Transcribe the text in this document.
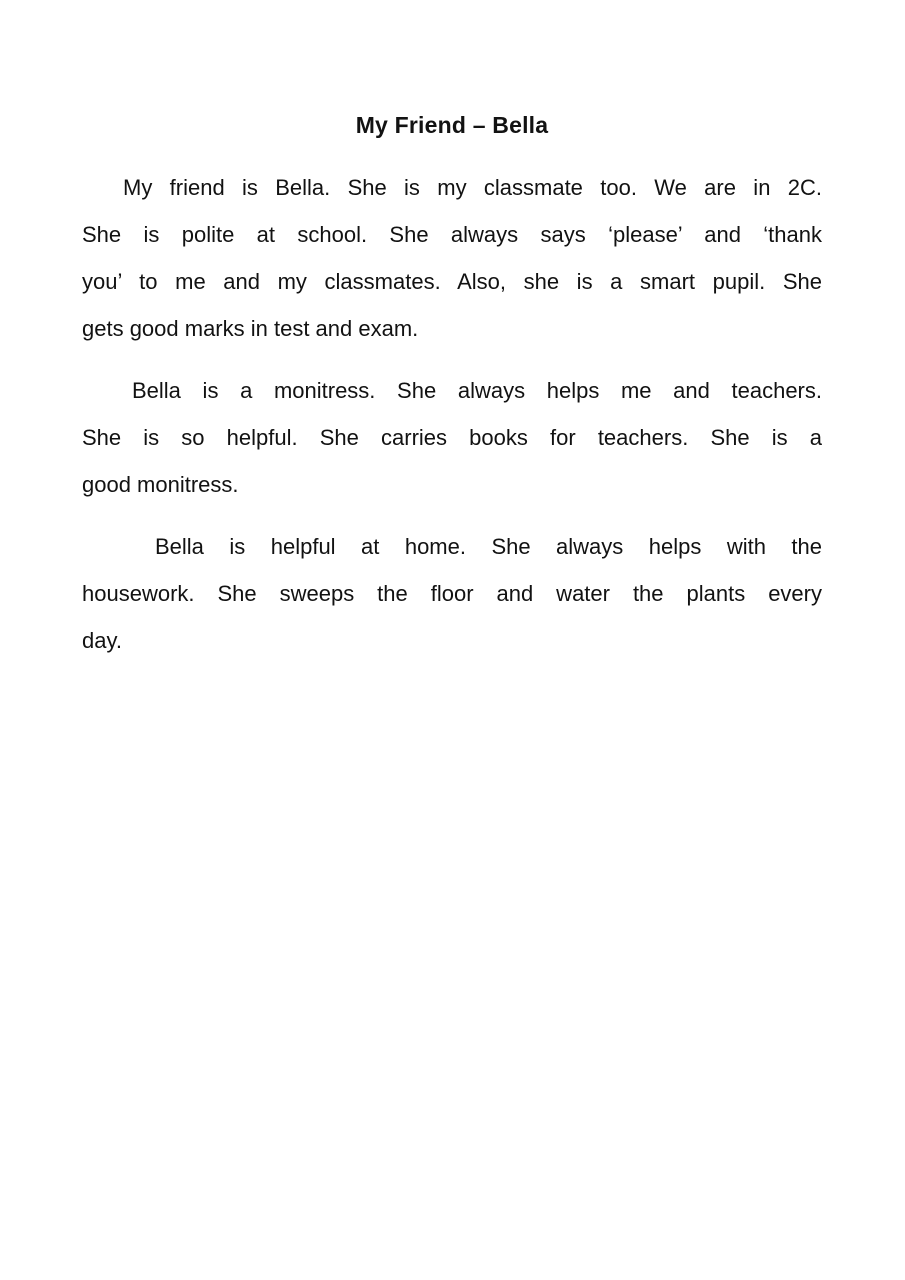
My Friend – Bella
My friend is Bella. She is my classmate too. We are in 2C.
She is polite at school. She always says ‘please’ and ‘thank
you’ to me and my classmates. Also, she is a smart pupil. She
gets good marks in test and exam.
Bella is a monitress. She always helps me and teachers.
She is so helpful. She carries books for teachers. She is a
good monitress.
Bella is helpful at home. She always helps with the
housework. She sweeps the floor and water the plants every
day.
